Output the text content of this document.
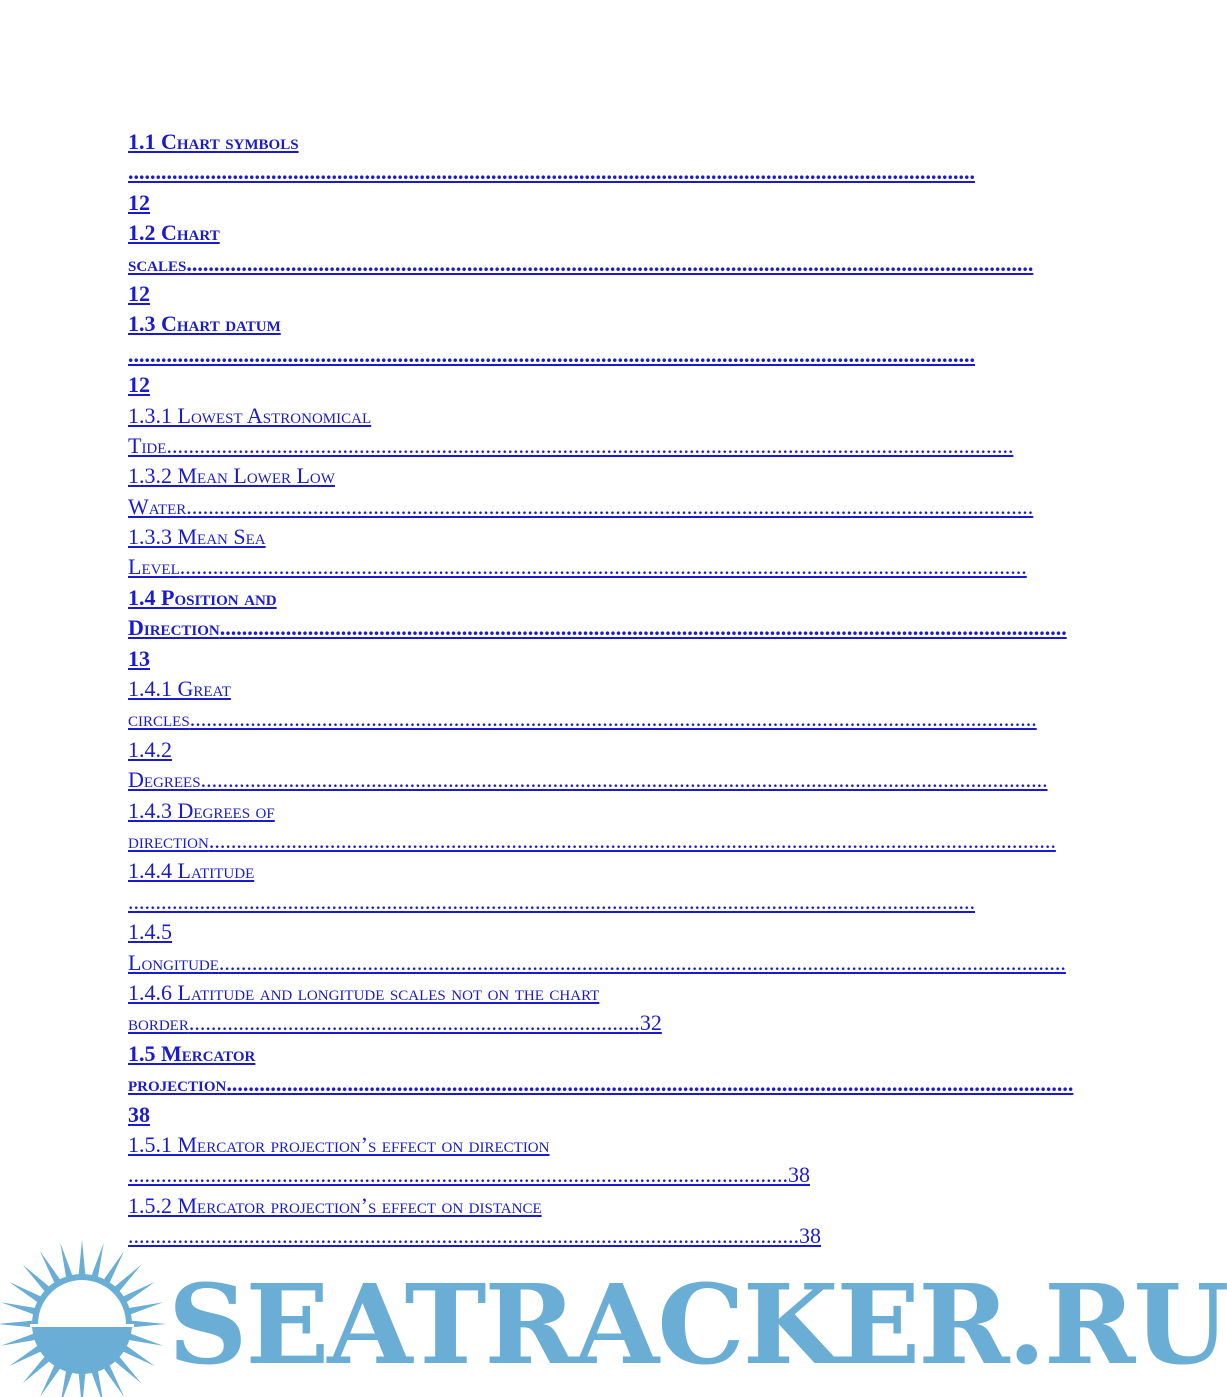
1.1 Chart symbols
..........................................................................................................................................................
12
1.2 Chart
scales..........................................................................................................................................................
12
1.3 Chart datum
..........................................................................................................................................................
12
1.3.1 Lowest Astronomical
Tide..........................................................................................................................................................
1.3.2 Mean Lower Low
Water..........................................................................................................................................................
1.3.3 Mean Sea
Level..........................................................................................................................................................
1.4 Position and
Direction..........................................................................................................................................................
13
1.4.1 Great
circles..........................................................................................................................................................
1.4.2
Degrees..........................................................................................................................................................
1.4.3 Degrees of
direction..........................................................................................................................................................
1.4.4 Latitude
..........................................................................................................................................................
1.4.5
Longitude..........................................................................................................................................................
1.4.6 Latitude and longitude scales not on the chart
border..................................................................................32
1.5 Mercator
projection..........................................................................................................................................................
38
1.5.1 Mercator projection’s effect on direction
........................................................................................................................38
1.5.2 Mercator projection’s effect on distance
..........................................................................................................................38
SEATRACKER.RU
